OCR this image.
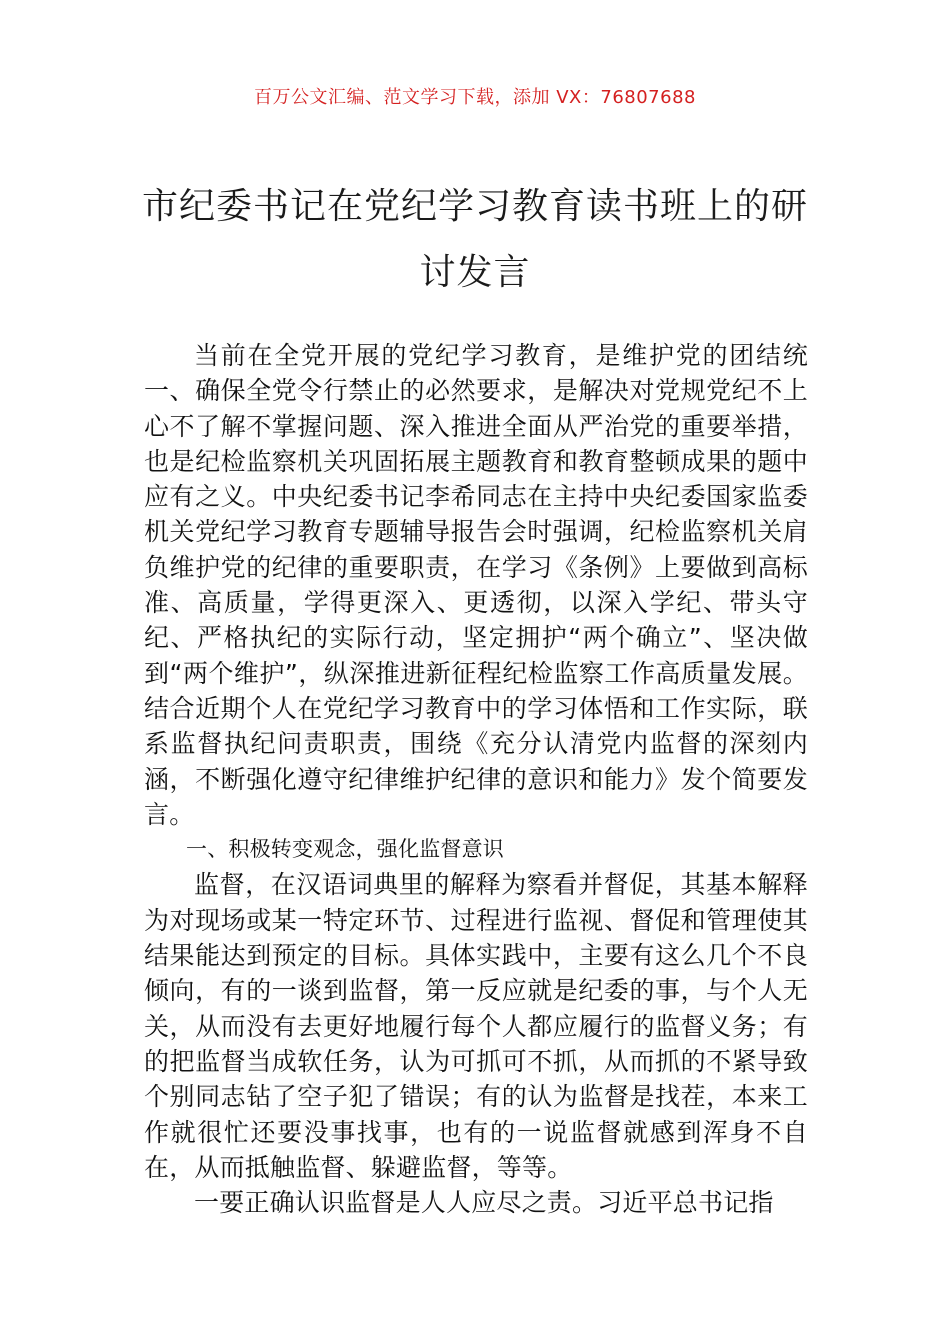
百万公文汇编、范文学习下载，添加 VX：76807688
市纪委书记在党纪学习教育读书班上的研讨发言

当前在全党开展的党纪学习教育，是维护党的团结统一、确保全党令行禁止的必然要求，是解决对党规党纪不上心不了解不掌握问题、深入推进全面从严治党的重要举措，也是纪检监察机关巩固拓展主题教育和教育整顿成果的题中应有之义。中央纪委书记李希同志在主持中央纪委国家监委机关党纪学习教育专题辅导报告会时强调，纪检监察机关肩负维护党的纪律的重要职责，在学习《条例》上要做到高标准、高质量，学得更深入、更透彻，以深入学纪、带头守纪、严格执纪的实际行动，坚定拥护“两个确立”、坚决做到“两个维护”，纵深推进新征程纪检监察工作高质量发展。结合近期个人在党纪学习教育中的学习体悟和工作实际，联系监督执纪问责职责，围绕《充分认清党内监督的深刻内涵，不断强化遵守纪律维护纪律的意识和能力》发个简要发言。

一、积极转变观念，强化监督意识

监督，在汉语词典里的解释为察看并督促，其基本解释为对现场或某一特定环节、过程进行监视、督促和管理使其结果能达到预定的目标。具体实践中，主要有这么几个不良倾向，有的一谈到监督，第一反应就是纪委的事，与个人无关，从而没有去更好地履行每个人都应履行的监督义务；有的把监督当成软任务，认为可抓可不抓，从而抓的不紧导致个别同志钻了空子犯了错误；有的认为监督是找茬，本来工作就很忙还要没事找事，也有的一说监督就感到浑身不自在，从而抵触监督、躲避监督，等等。

一要正确认识监督是人人应尽之责。习近平总书记指
